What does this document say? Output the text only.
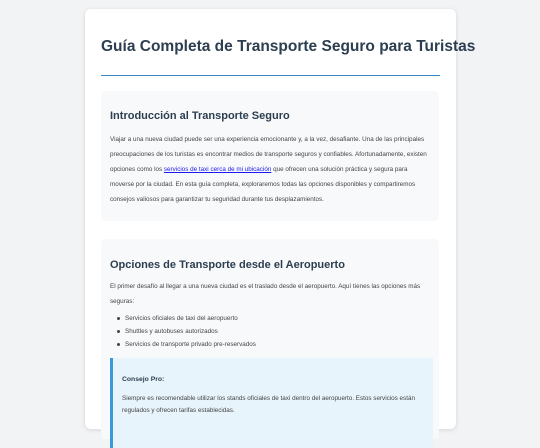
Guía Completa de Transporte Seguro para Turistas
Introducción al Transporte Seguro

Viajar a una nueva ciudad puede ser una experiencia emocionante y, a la vez, desafiante. Una de las principales preocupaciones de los turistas es encontrar medios de transporte seguros y confiables. Afortunadamente, existen opciones como los servicios de taxi cerca de mi ubicación que ofrecen una solución práctica y segura para moverse por la ciudad. En esta guía completa, exploraremos todas las opciones disponibles y compartiremos consejos valiosos para garantizar tu seguridad durante tus desplazamientos.

Opciones de Transporte desde el Aeropuerto

El primer desafío al llegar a una nueva ciudad es el traslado desde el aeropuerto. Aquí tienes las opciones más seguras:

Servicios oficiales de taxi del aeropuerto
Shuttles y autobuses autorizados
Servicios de transporte privado pre-reservados

Consejo Pro:

Siempre es recomendable utilizar los stands oficiales de taxi dentro del aeropuerto. Estos servicios están regulados y ofrecen tarifas establecidas.
